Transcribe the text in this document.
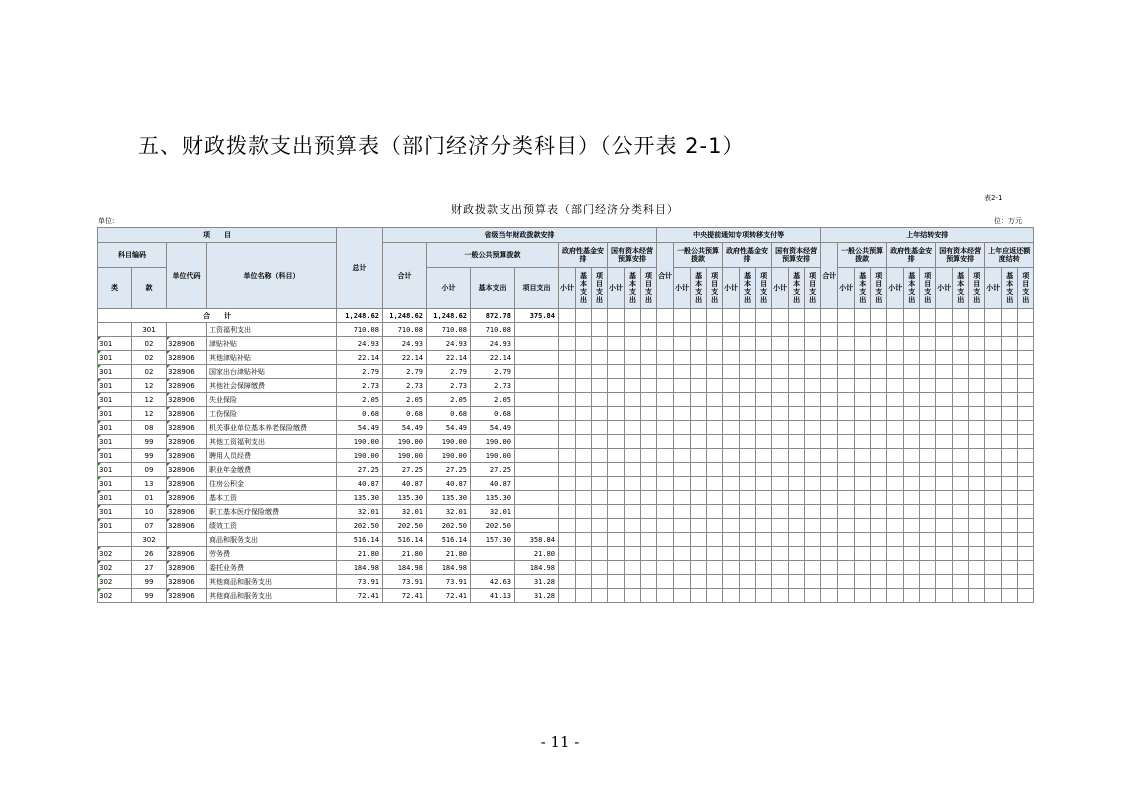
五、财政拨款支出预算表（部门经济分类科目）（公开表 2-1）
表2-1
财政拨款支出预算表（部门经济分类科目）
单位:	位：万元
项　　目				总计	省级当年财政拨款安排										中央提前通知专项转移支付等										上年结转安排												
科目编码		单位代码	单位名称（科目）		合计	一般公共预算拨款			政府性基金安排			国有资本经营预算安排			合计	一般公共预算拨款			政府性基金安排			国有资本经营预算安排			合计	一般公共预算拨款			政府性基金安排			国有资本经营预算安排			上年应返还额度结转		
类	款					小计	基本支出	项目支出	小计	基本支出	项目支出	小计	基本支出	项目支出		小计	基本支出	项目支出	小计	基本支出	项目支出	小计	基本支出	项目支出		小计	基本支出	项目支出	小计	基本支出	项目支出	小计	基本支出	项目支出	小计	基本支出	项目支出
合　　计				1,248.62	1,248.62	1,248.62	872.78	375.84																													
	301		工资福利支出	710.08	710.08	710.08	710.08																														
301	02	328906	津贴补贴	24.93	24.93	24.93	24.93																														
301	02	328906	其他津贴补贴	22.14	22.14	22.14	22.14																														
301	02	328906	国家出台津贴补贴	2.79	2.79	2.79	2.79																														
301	12	328906	其他社会保障缴费	2.73	2.73	2.73	2.73																														
301	12	328906	失业保险	2.05	2.05	2.05	2.05																														
301	12	328906	工伤保险	0.68	0.68	0.68	0.68																														
301	08	328906	机关事业单位基本养老保险缴费	54.49	54.49	54.49	54.49																														
301	99	328906	其他工资福利支出	190.00	190.00	190.00	190.00																														
301	99	328906	聘用人员经费	190.00	190.00	190.00	190.00																														
301	09	328906	职业年金缴费	27.25	27.25	27.25	27.25																														
301	13	328906	住房公积金	40.87	40.87	40.87	40.87																														
301	01	328906	基本工资	135.30	135.30	135.30	135.30																														
301	10	328906	职工基本医疗保险缴费	32.01	32.01	32.01	32.01																														
301	07	328906	绩效工资	202.50	202.50	202.50	202.50																														
	302		商品和服务支出	516.14	516.14	516.14	157.30	358.84																													
302	26	328906	劳务费	21.80	21.80	21.80		21.80																													
302	27	328906	委托业务费	184.98	184.98	184.98		184.98																													
302	99	328906	其他商品和服务支出	73.91	73.91	73.91	42.63	31.28																													
302	99	328906	其他商品和服务支出	72.41	72.41	72.41	41.13	31.28																													
- 11 -
